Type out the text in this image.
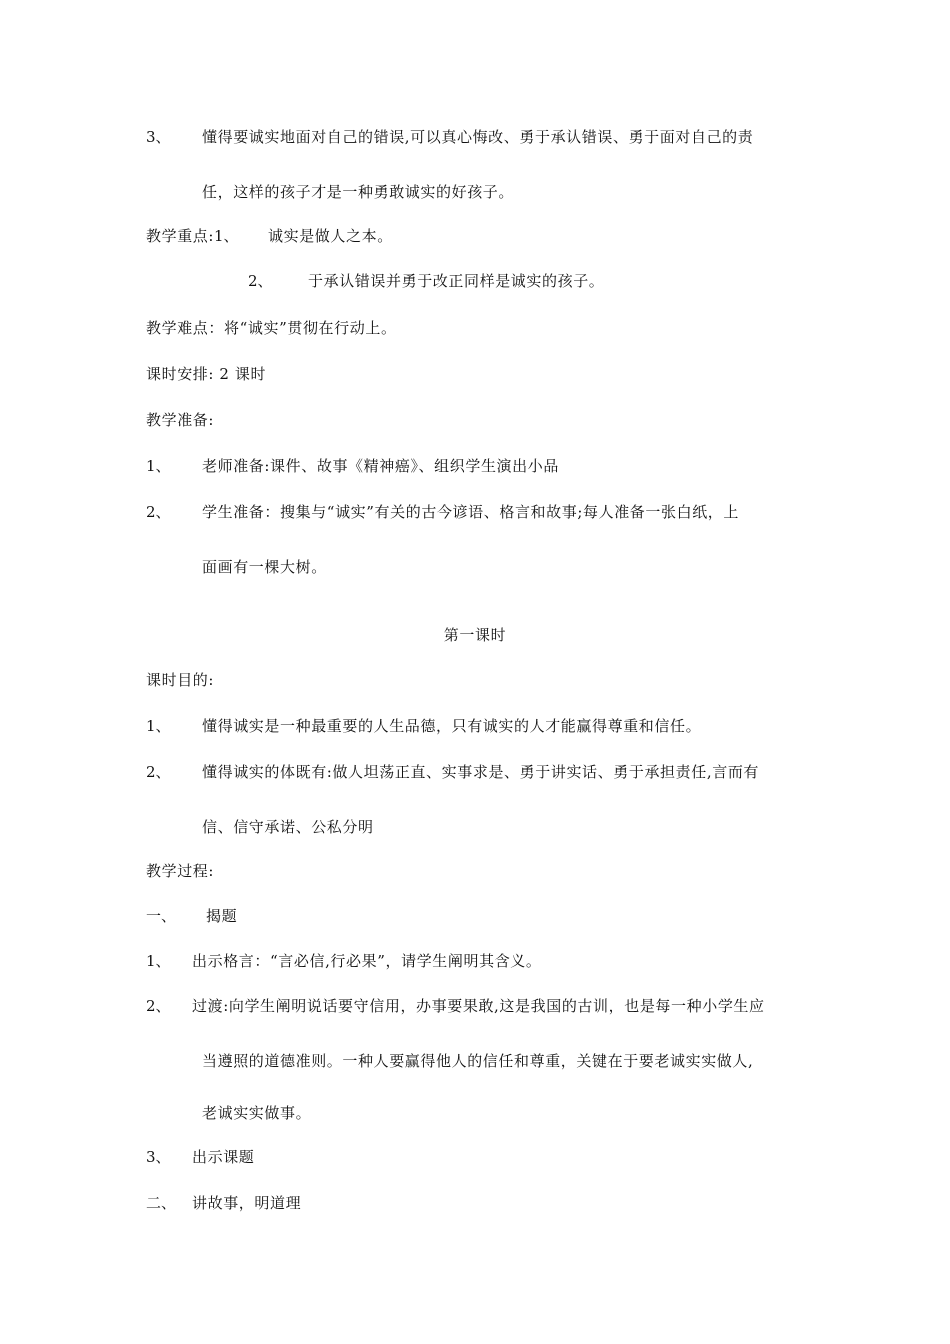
3、 懂得要诚实地面对自己的错误,可以真心悔改、勇于承认错误、勇于面对自己的责
任，这样的孩子才是一种勇敢诚实的好孩子。
教学重点: 1、 诚实是做人之本。
2、 于承认错误并勇于改正同样是诚实的孩子。
教学难点：将“诚实”贯彻在行动上。
课时安排: 2 课时
教学准备:
1、 老师准备:课件、故事《精神癌》、组织学生演出小品
2、 学生准备：搜集与“诚实”有关的古今谚语、格言和故事;每人准备一张白纸，上
面画有一棵大树。
第一课时
课时目的:
1、 懂得诚实是一种最重要的人生品德，只有诚实的人才能赢得尊重和信任。
2、 懂得诚实的体既有:做人坦荡正直、实事求是、勇于讲实话、勇于承担责任,言而有
信、信守承诺、公私分明
教学过程:
一、 揭题
1、 出示格言：“言必信,行必果”，请学生阐明其含义。
2、 过渡:向学生阐明说话要守信用，办事要果敢,这是我国的古训，也是每一种小学生应
当遵照的道德准则。一种人要赢得他人的信任和尊重，关键在于要老诚实实做人,
老诚实实做事。
3、 出示课题
二、 讲故事，明道理
